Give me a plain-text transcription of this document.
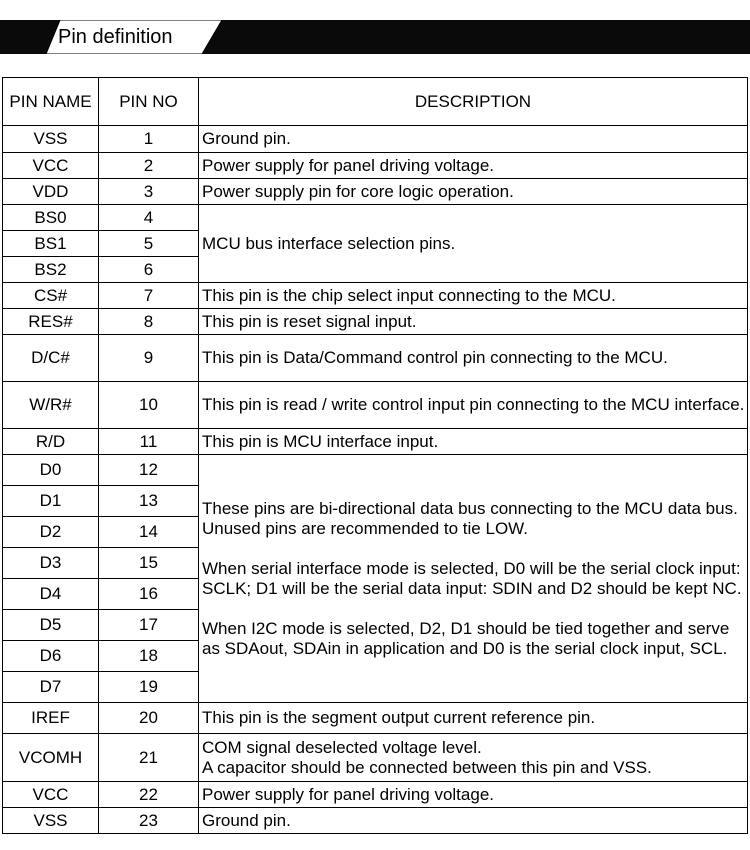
Pin definition
PIN NAME	PIN NO	DESCRIPTION
VSS	1	Ground pin.
VCC	2	Power supply for panel driving voltage.
VDD	3	Power supply pin for core logic operation.
BS0	4	MCU bus interface selection pins.
BS1	5	
BS2	6	
CS#	7	This pin is the chip select input connecting to the MCU.
RES#	8	This pin is reset signal input.
D/C#	9	This pin is Data/Command control pin connecting to the MCU.
W/R#	10	This pin is read / write control input pin connecting to the MCU interface.
R/D	11	This pin is MCU interface input.
D0	12	These pins are bi-directional data bus connecting to the MCU data bus. Unused pins are recommended to tie LOW.
When serial interface mode is selected, D0 will be the serial clock input: SCLK; D1 will be the serial data input: SDIN and D2 should be kept NC.
When I2C mode is selected, D2, D1 should be tied together and serve as SDAout, SDAin in application and D0 is the serial clock input, SCL.

D1	13	
D2	14	
D3	15	
D4	16	
D5	17	
D6	18	
D7	19	
IREF	20	This pin is the segment output current reference pin.
VCOMH	21	COM signal deselected voltage level.
A capacitor should be connected between this pin and VSS.

VCC	22	Power supply for panel driving voltage.
VSS	23	Ground pin.
